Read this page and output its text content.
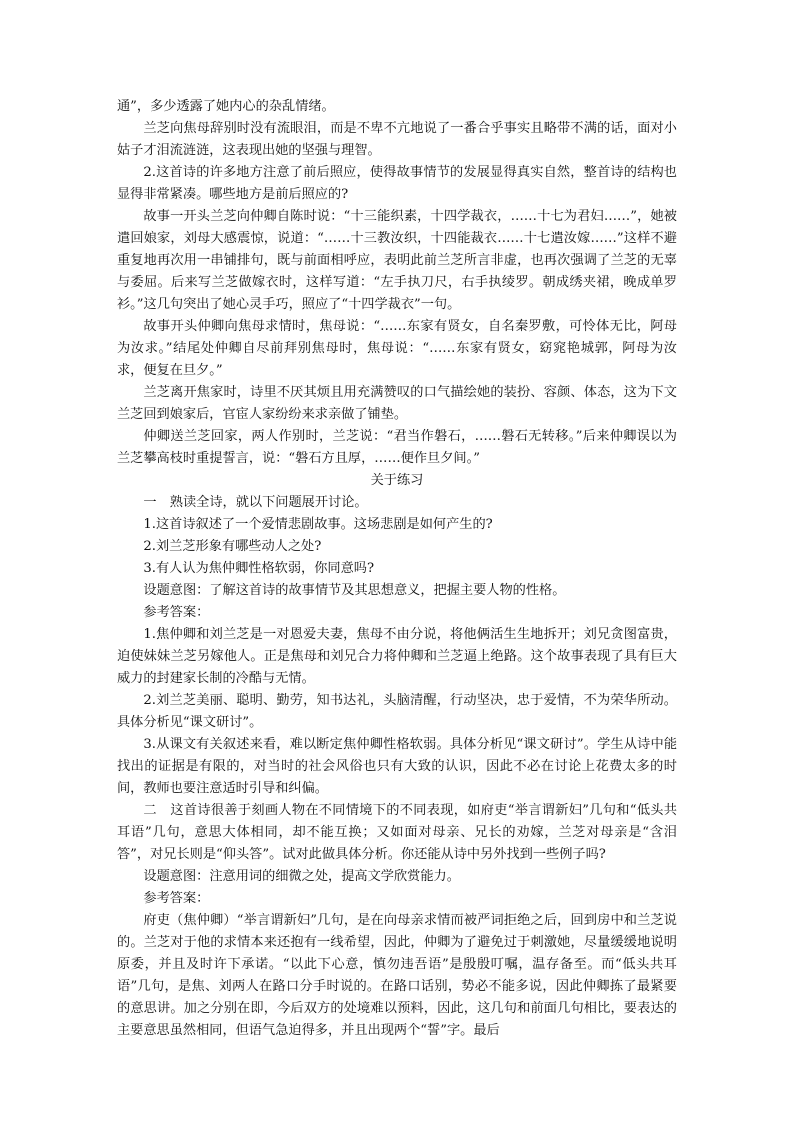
通”，多少透露了她内心的杂乱情绪。

兰芝向焦母辞别时没有流眼泪，而是不卑不亢地说了一番合乎事实且略带不满的话，面对小姑子才泪流涟涟，这表现出她的坚强与理智。

2.这首诗的许多地方注意了前后照应，使得故事情节的发展显得真实自然，整首诗的结构也显得非常紧凑。哪些地方是前后照应的?

故事一开头兰芝向仲卿自陈时说：“十三能织素，十四学裁衣，……十七为君妇……”，她被遣回娘家，刘母大感震惊，说道：“……十三教汝织，十四能裁衣……十七遣汝嫁……”这样不避重复地再次用一串铺排句，既与前面相呼应，表明此前兰芝所言非虚，也再次强调了兰芝的无辜与委屈。后来写兰芝做嫁衣时，这样写道：“左手执刀尺，右手执绫罗。朝成绣夹裙，晚成单罗衫。”这几句突出了她心灵手巧，照应了“十四学裁衣”一句。

故事开头仲卿向焦母求情时，焦母说：“……东家有贤女，自名秦罗敷，可怜体无比，阿母为汝求。”结尾处仲卿自尽前拜别焦母时，焦母说：“……东家有贤女，窈窕艳城郭，阿母为汝求，便复在旦夕。”

兰芝离开焦家时，诗里不厌其烦且用充满赞叹的口气描绘她的装扮、容颜、体态，这为下文兰芝回到娘家后，官宦人家纷纷来求亲做了铺垫。

仲卿送兰芝回家，两人作别时，兰芝说：“君当作磐石，……磐石无转移。”后来仲卿误以为兰芝攀高枝时重提誓言，说：“磐石方且厚，……便作旦夕间。”

关于练习

一　熟读全诗，就以下问题展开讨论。

1.这首诗叙述了一个爱情悲剧故事。这场悲剧是如何产生的?

2.刘兰芝形象有哪些动人之处?

3.有人认为焦仲卿性格软弱，你同意吗?

设题意图：了解这首诗的故事情节及其思想意义，把握主要人物的性格。

参考答案：

1.焦仲卿和刘兰芝是一对恩爱夫妻，焦母不由分说，将他俩活生生地拆开；刘兄贪图富贵，迫使妹妹兰芝另嫁他人。正是焦母和刘兄合力将仲卿和兰芝逼上绝路。这个故事表现了具有巨大威力的封建家长制的冷酷与无情。

2.刘兰芝美丽、聪明、勤劳，知书达礼，头脑清醒，行动坚决，忠于爱情，不为荣华所动。具体分析见“课文研讨”。

3.从课文有关叙述来看，难以断定焦仲卿性格软弱。具体分析见“课文研讨”。学生从诗中能找出的证据是有限的，对当时的社会风俗也只有大致的认识，因此不必在讨论上花费太多的时间，教师也要注意适时引导和纠偏。

二　这首诗很善于刻画人物在不同情境下的不同表现，如府吏“举言谓新妇”几句和“低头共耳语”几句，意思大体相同，却不能互换；又如面对母亲、兄长的劝嫁，兰芝对母亲是“含泪答”，对兄长则是“仰头答”。试对此做具体分析。你还能从诗中另外找到一些例子吗?

设题意图：注意用词的细微之处，提高文学欣赏能力。

参考答案：

府吏（焦仲卿）“举言谓新妇”几句，是在向母亲求情而被严词拒绝之后，回到房中和兰芝说的。兰芝对于他的求情本来还抱有一线希望，因此，仲卿为了避免过于刺激她，尽量缓缓地说明原委，并且及时许下承诺。“以此下心意，慎勿违吾语”是殷殷叮嘱，温存备至。而“低头共耳语”几句，是焦、刘两人在路口分手时说的。在路口话别，势必不能多说，因此仲卿拣了最紧要的意思讲。加之分别在即，今后双方的处境难以预料，因此，这几句和前面几句相比，要表达的主要意思虽然相同，但语气急迫得多，并且出现两个“誓”字。最后
